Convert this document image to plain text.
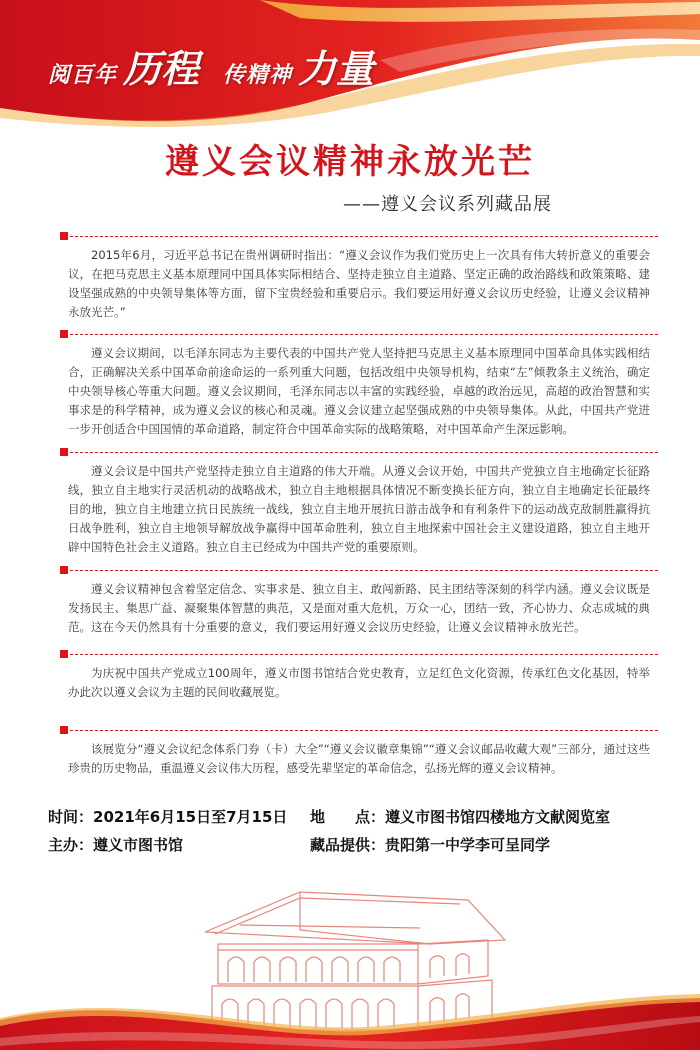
阅百年 历程 传精神 力量
遵义会议精神永放光芒
——遵义会议系列藏品展

2015年6月，习近平总书记在贵州调研时指出：“遵义会议作为我们党历史上一次具有伟大转折意义的重要会议，在把马克思主义基本原理同中国具体实际相结合、坚持走独立自主道路、坚定正确的政治路线和政策策略、建设坚强成熟的中央领导集体等方面，留下宝贵经验和重要启示。我们要运用好遵义会议历史经验，让遵义会议精神永放光芒。”

遵义会议期间，以毛泽东同志为主要代表的中国共产党人坚持把马克思主义基本原理同中国革命具体实践相结合，正确解决关系中国革命前途命运的一系列重大问题，包括改组中央领导机构，结束“左”倾教条主义统治，确定中央领导核心等重大问题。遵义会议期间，毛泽东同志以丰富的实践经验，卓越的政治远见，高超的政治智慧和实事求是的科学精神，成为遵义会议的核心和灵魂。遵义会议建立起坚强成熟的中央领导集体。从此，中国共产党进一步开创适合中国国情的革命道路，制定符合中国革命实际的战略策略，对中国革命产生深远影响。

遵义会议是中国共产党坚持走独立自主道路的伟大开端。从遵义会议开始，中国共产党独立自主地确定长征路线，独立自主地实行灵活机动的战略战术，独立自主地根据具体情况不断变换长征方向，独立自主地确定长征最终目的地，独立自主地建立抗日民族统一战线，独立自主地开展抗日游击战争和有利条件下的运动战克敌制胜赢得抗日战争胜利，独立自主地领导解放战争赢得中国革命胜利，独立自主地探索中国社会主义建设道路，独立自主地开辟中国特色社会主义道路。独立自主已经成为中国共产党的重要原则。

遵义会议精神包含着坚定信念、实事求是、独立自主、敢闯新路、民主团结等深刻的科学内涵。遵义会议既是发扬民主、集思广益、凝聚集体智慧的典范，又是面对重大危机，万众一心，团结一致，齐心协力、众志成城的典范。这在今天仍然具有十分重要的意义，我们要运用好遵义会议历史经验，让遵义会议精神永放光芒。

为庆祝中国共产党成立100周年，遵义市图书馆结合党史教育，立足红色文化资源，传承红色文化基因，特举办此次以遵义会议为主题的民间收藏展览。

该展览分“遵义会议纪念体系门券（卡）大全”“遵义会议徽章集锦”“遵义会议邮品收藏大观”三部分，通过这些珍贵的历史物品，重温遵义会议伟大历程，感受先辈坚定的革命信念，弘扬光辉的遵义会议精神。

时间：2021年6月15日至7月15日 地　　点：遵义市图书馆四楼地方文献阅览室
主办：遵义市图书馆	藏品提供：贵阳第一中学李可呈同学
